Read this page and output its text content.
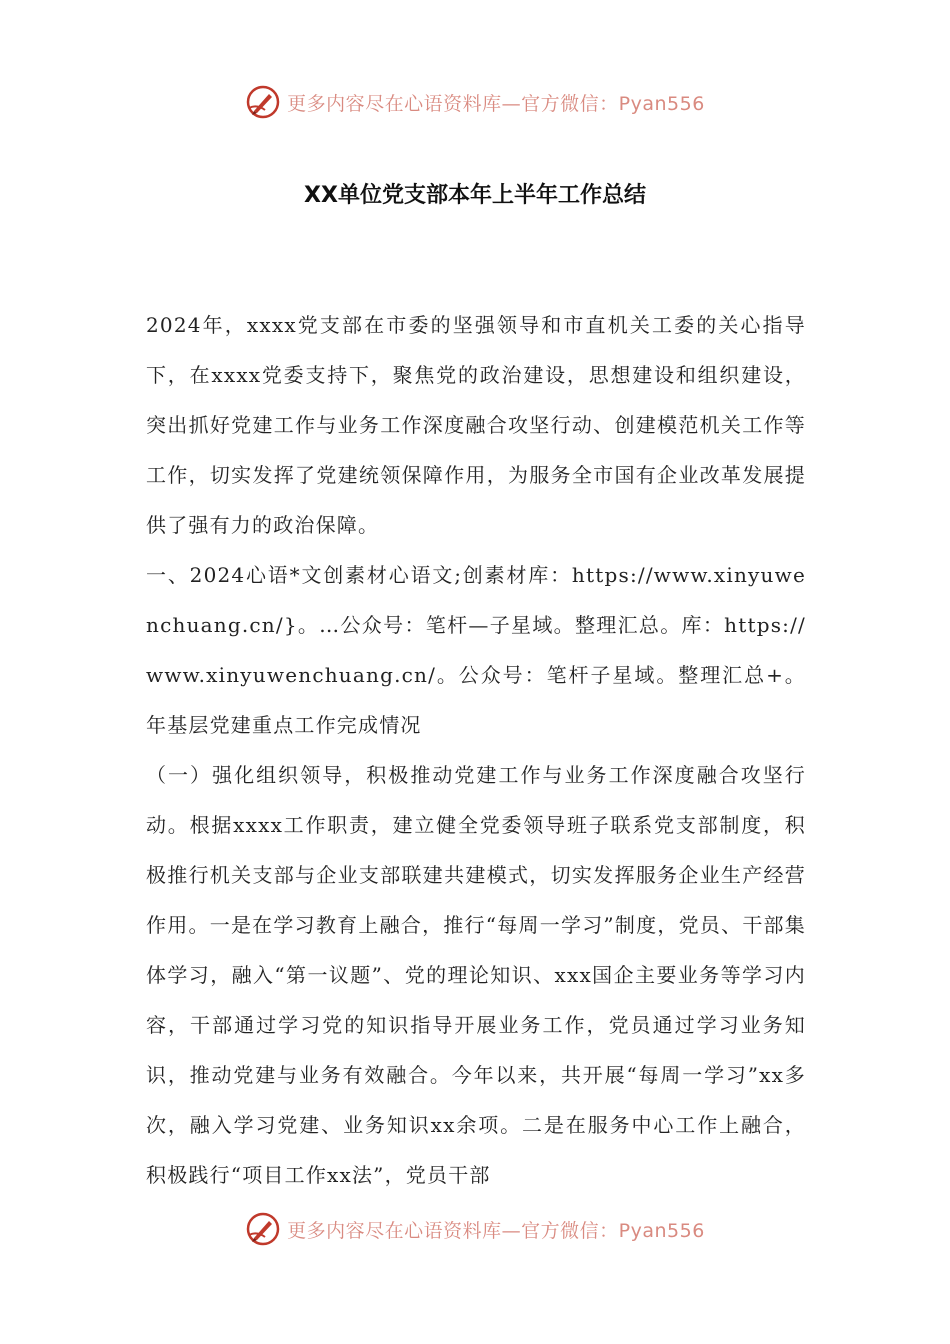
更多内容尽在心语资料库—官方微信：Pyan556
XX单位党支部本年上半年工作总结

2024年，xxxx党支部在市委的坚强领导和市直机关工委的关心指导下，在xxxx党委支持下，聚焦党的政治建设，思想建设和组织建设，突出抓好党建工作与业务工作深度融合攻坚行动、创建模范机关工作等工作，切实发挥了党建统领保障作用，为服务全市国有企业改革发展提供了强有力的政治保障。

一、2024心语*文创素材心语文;创素材库：https://www.xinyuwenchuang.cn/}。…公众号：笔杆—子星域。整理汇总。库：https://www.xinyuwenchuang.cn/。公众号：笔杆子星域。整理汇总+。年基层党建重点工作完成情况

（一）强化组织领导，积极推动党建工作与业务工作深度融合攻坚行动。根据xxxx工作职责，建立健全党委领导班子联系党支部制度，积极推行机关支部与企业支部联建共建模式，切实发挥服务企业生产经营作用。一是在学习教育上融合，推行“每周一学习”制度，党员、干部集体学习，融入“第一议题”、党的理论知识、xxx国企主要业务等学习内容，干部通过学习党的知识指导开展业务工作，党员通过学习业务知识，推动党建与业务有效融合。今年以来，共开展“每周一学习”xx多次，融入学习党建、业务知识xx余项。二是在服务中心工作上融合，积极践行“项目工作xx法”，党员干部

更多内容尽在心语资料库—官方微信：Pyan556
